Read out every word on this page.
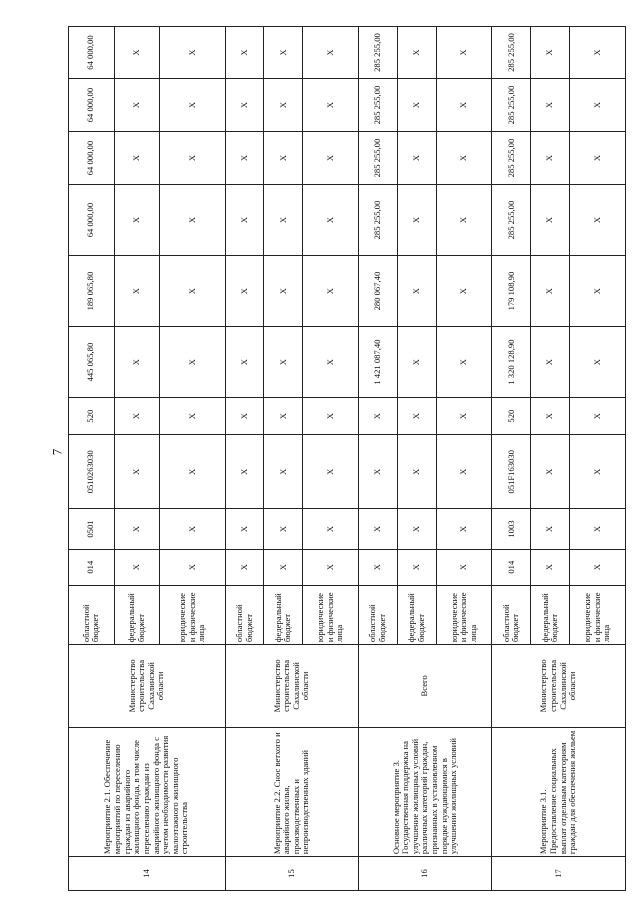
7
14	Мероприятие 2.1. Обеспечение мероприятий по переселению граждан из аварийного жилищного фонда, в том числе переселению граждан из аварийного жилищного фонда с учетом необходимости развития малоэтажного жилищного строительства	Министерство строительства Сахалинской области	областной бюджет	014	0501	0510263030	520	445 065,80	189 065,80	64 000,00	64 000,00	64 000,00	64 000,00
			федеральный бюджет	X	X	X	X	X	X	X	X	X	X
			юридические и физические лица	X	X	X	X	X	X	X	X	X	X
15	Мероприятие 2.2. Снос ветхого и аварийного жилья, производственных и непроизводственных зданий	Министерство строительства Сахалинской области	областной бюджет	X	X	X	X	X	X	X	X	X	X
			федеральный бюджет	X	X	X	X	X	X	X	X	X	X
			юридические и физические лица	X	X	X	X	X	X	X	X	X	X
16	Основное мероприятие 3. Государственная поддержка на улучшение жилищных условий различных категорий граждан, признанных в установленном порядке нуждающимися в улучшении жилищных условий	Всего	областной бюджет	X	X	X	X	1 421 087,40	280 067,40	285 255,00	285 255,00	285 255,00	285 255,00
			федеральный бюджет	X	X	X	X	X	X	X	X	X	X
			юридические и физические лица	X	X	X	X	X	X	X	X	X	X
17	Мероприятие 3.1. Предоставление социальных выплат отдельным категориям граждан для обеспечения жильем	Министерство строительства Сахалинской области	областной бюджет	014	1003	051F163030	520	1 320 128,90	179 108,90	285 255,00	285 255,00	285 255,00	285 255,00
			федеральный бюджет	X	X	X	X	X	X	X	X	X	X
			юридические и физические лица	X	X	X	X	X	X	X	X	X	X
